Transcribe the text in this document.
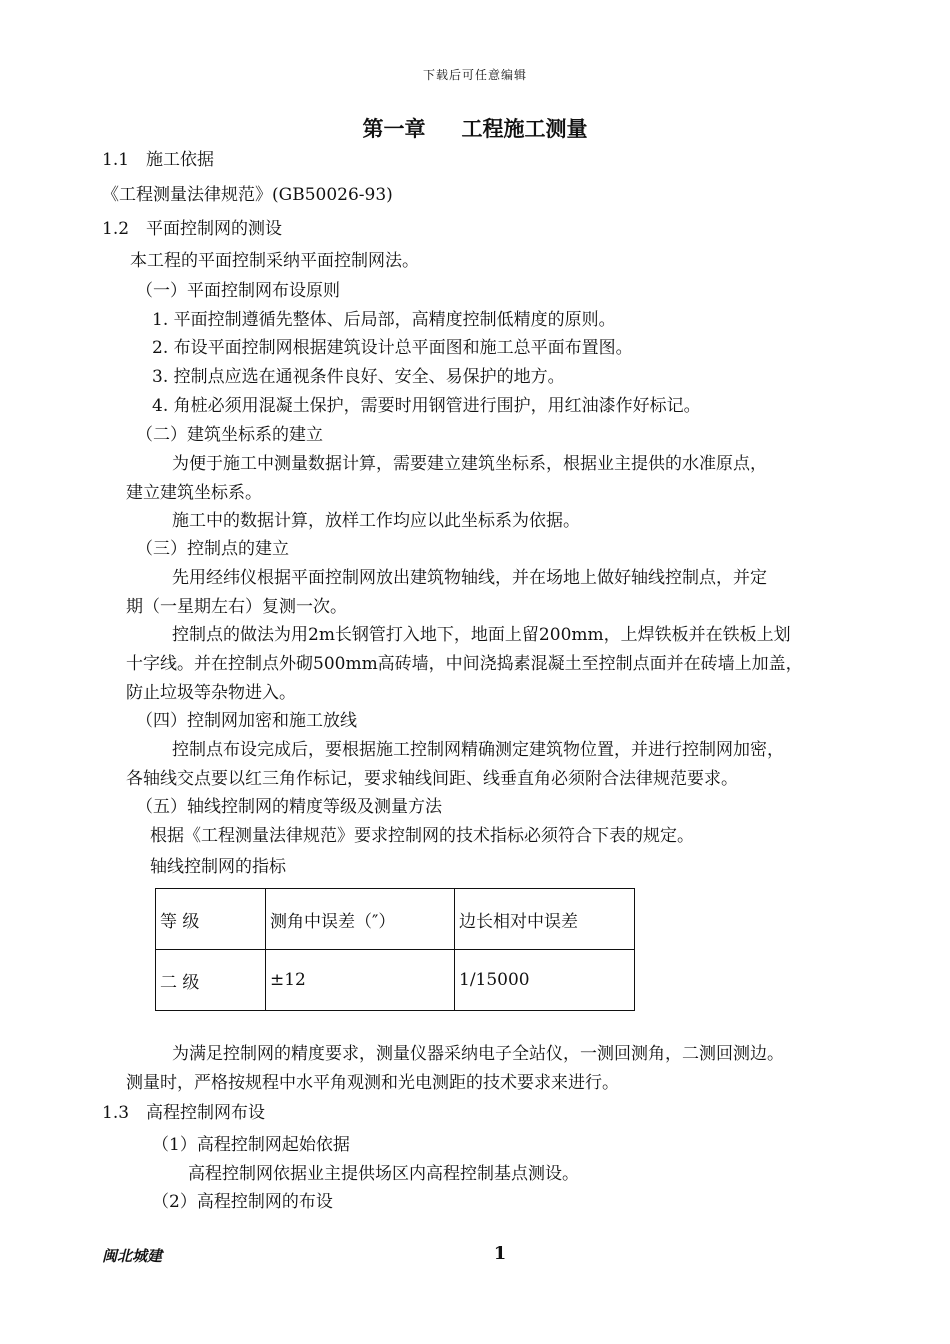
下载后可任意编辑
第一章 工程施工测量
1.1　施工依据
《工程测量法律规范》(GB50026-93)
1.2　平面控制网的测设
本工程的平面控制采纳平面控制网法。
（一）平面控制网布设原则
1. 平面控制遵循先整体、后局部，高精度控制低精度的原则。
2. 布设平面控制网根据建筑设计总平面图和施工总平面布置图。
3. 控制点应选在通视条件良好、安全、易保护的地方。
4. 角桩必须用混凝土保护，需要时用钢管进行围护，用红油漆作好标记。
（二）建筑坐标系的建立
为便于施工中测量数据计算，需要建立建筑坐标系，根据业主提供的水准原点，
建立建筑坐标系。
施工中的数据计算，放样工作均应以此坐标系为依据。
（三）控制点的建立
先用经纬仪根据平面控制网放出建筑物轴线，并在场地上做好轴线控制点，并定
期（一星期左右）复测一次。
控制点的做法为用2m长钢管打入地下，地面上留200mm，上焊铁板并在铁板上划
十字线。并在控制点外砌500mm高砖墙，中间浇捣素混凝土至控制点面并在砖墙上加盖，
防止垃圾等杂物进入。
（四）控制网加密和施工放线
控制点布设完成后，要根据施工控制网精确测定建筑物位置，并进行控制网加密，
各轴线交点要以红三角作标记，要求轴线间距、线垂直角必须附合法律规范要求。
（五）轴线控制网的精度等级及测量方法
根据《工程测量法律规范》要求控制网的技术指标必须符合下表的规定。
轴线控制网的指标
等 级	测角中误差（″）	边长相对中误差
二 级	±12	1/15000
为满足控制网的精度要求，测量仪器采纳电子全站仪，一测回测角，二测回测边。
测量时，严格按规程中水平角观测和光电测距的技术要求来进行。
1.3　高程控制网布设
（1）高程控制网起始依据
高程控制网依据业主提供场区内高程控制基点测设。
（2）高程控制网的布设
闽北城建	1
